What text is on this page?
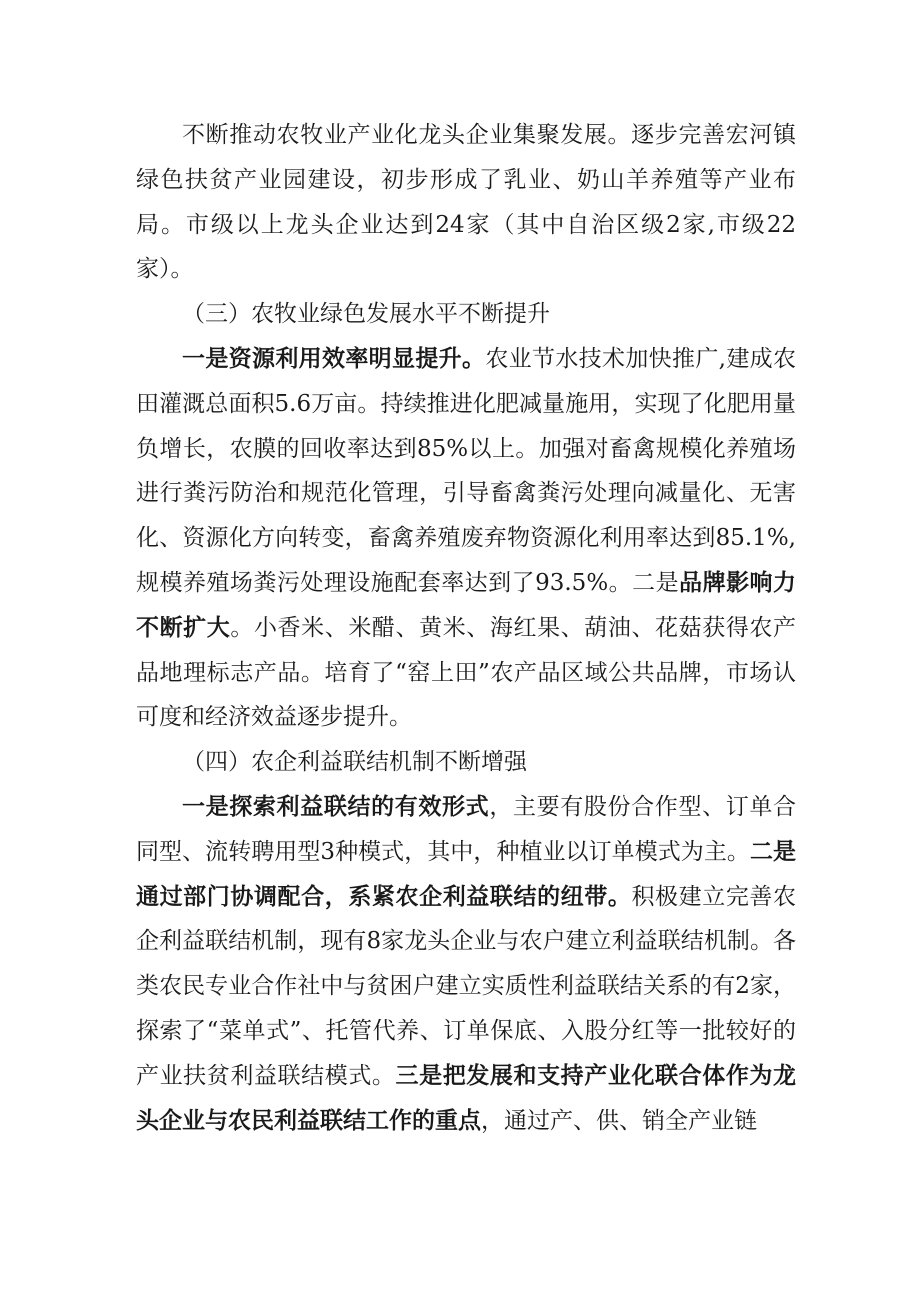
不断推动农牧业产业化龙头企业集聚发展。逐步完善宏河镇绿色扶贫产业园建设，初步形成了乳业、奶山羊养殖等产业布局。市级以上龙头企业达到24家（其中自治区级2家,市级22家）。

（三）农牧业绿色发展水平不断提升

一是资源利用效率明显提升。农业节水技术加快推广,建成农田灌溉总面积5.6万亩。持续推进化肥减量施用，实现了化肥用量负增长，农膜的回收率达到85%以上。加强对畜禽规模化养殖场进行粪污防治和规范化管理，引导畜禽粪污处理向减量化、无害化、资源化方向转变，畜禽养殖废弃物资源化利用率达到85.1%,规模养殖场粪污处理设施配套率达到了93.5%。二是品牌影响力不断扩大。小香米、米醋、黄米、海红果、葫油、花菇获得农产品地理标志产品。培育了“窑上田”农产品区域公共品牌，市场认可度和经济效益逐步提升。

（四）农企利益联结机制不断增强

一是探索利益联结的有效形式，主要有股份合作型、订单合同型、流转聘用型3种模式，其中，种植业以订单模式为主。二是通过部门协调配合，系紧农企利益联结的纽带。积极建立完善农企利益联结机制，现有8家龙头企业与农户建立利益联结机制。各类农民专业合作社中与贫困户建立实质性利益联结关系的有2家，探索了“菜单式”、托管代养、订单保底、入股分红等一批较好的产业扶贫利益联结模式。三是把发展和支持产业化联合体作为龙头企业与农民利益联结工作的重点，通过产、供、销全产业链
